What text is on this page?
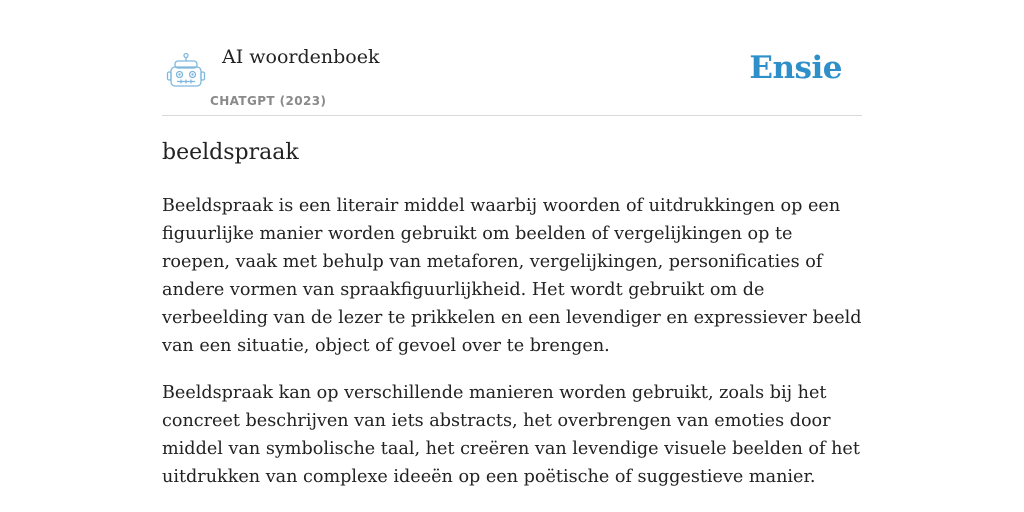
AI woordenboek
CHATGPT (2023)
Ensie
beeldspraak

Beeldspraak is een literair middel waarbij woorden of uitdrukkingen op een figuurlijke manier worden gebruikt om beelden of vergelijkingen op te roepen, vaak met behulp van metaforen, vergelijkingen, personificaties of andere vormen van spraakfiguurlijkheid. Het wordt gebruikt om de verbeelding van de lezer te prikkelen en een levendiger en expressiever beeld van een situatie, object of gevoel over te brengen.

Beeldspraak kan op verschillende manieren worden gebruikt, zoals bij het concreet beschrijven van iets abstracts, het overbrengen van emoties door middel van symbolische taal, het creëren van levendige visuele beelden of het uitdrukken van complexe ideeën op een poëtische of suggestieve manier.
